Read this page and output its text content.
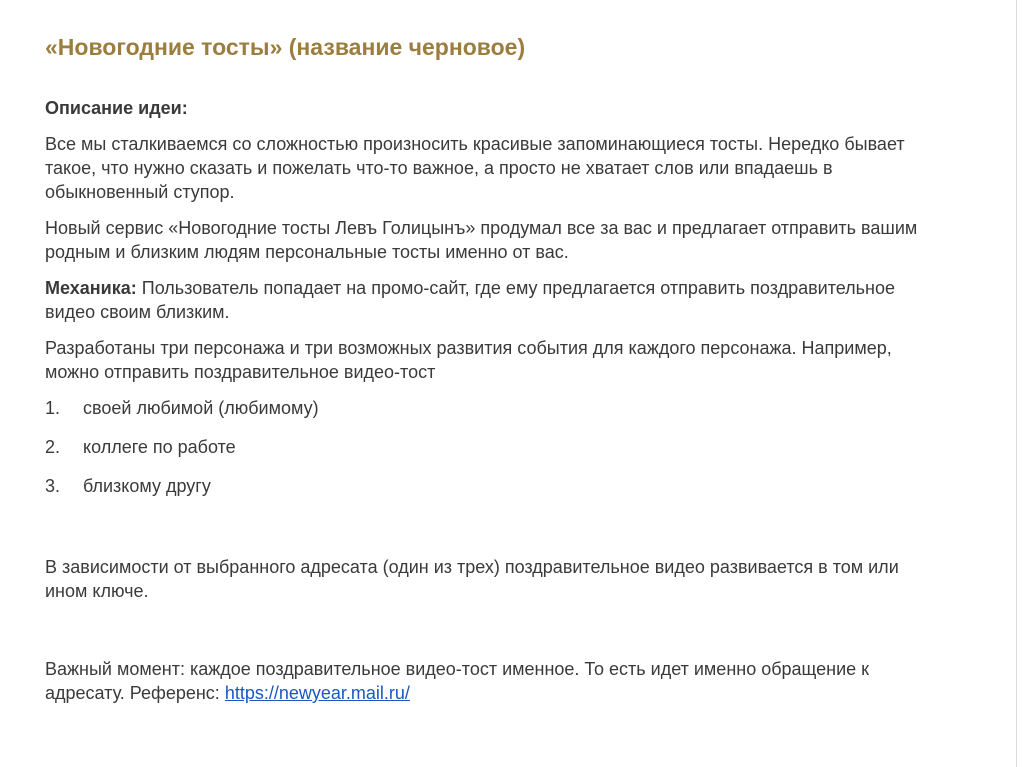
«Новогодние тосты» (название черновое)

Описание идеи:

Все мы сталкиваемся со сложностью произносить красивые запоминающиеся тосты. Нередко бывает такое, что нужно сказать и пожелать что-то важное, а просто не хватает слов или впадаешь в обыкновенный ступор.

Новый сервис «Новогодние тосты Левъ Голицынъ» продумал все за вас и предлагает отправить вашим родным и близким людям персональные тосты именно от вас.

Механика: Пользователь попадает на промо-сайт, где ему предлагается отправить поздравительное видео своим близким.

Разработаны три персонажа и три возможных развития события для каждого персонажа. Например, можно отправить поздравительное видео-тост

1.	своей любимой (любимому)
2.	коллеге по работе
3.	близкому другу

В зависимости от выбранного адресата (один из трех) поздравительное видео развивается в том или ином ключе.

Важный момент: каждое поздравительное видео-тост именное. То есть идет именно обращение к адресату. Референс: https://newyear.mail.ru/
